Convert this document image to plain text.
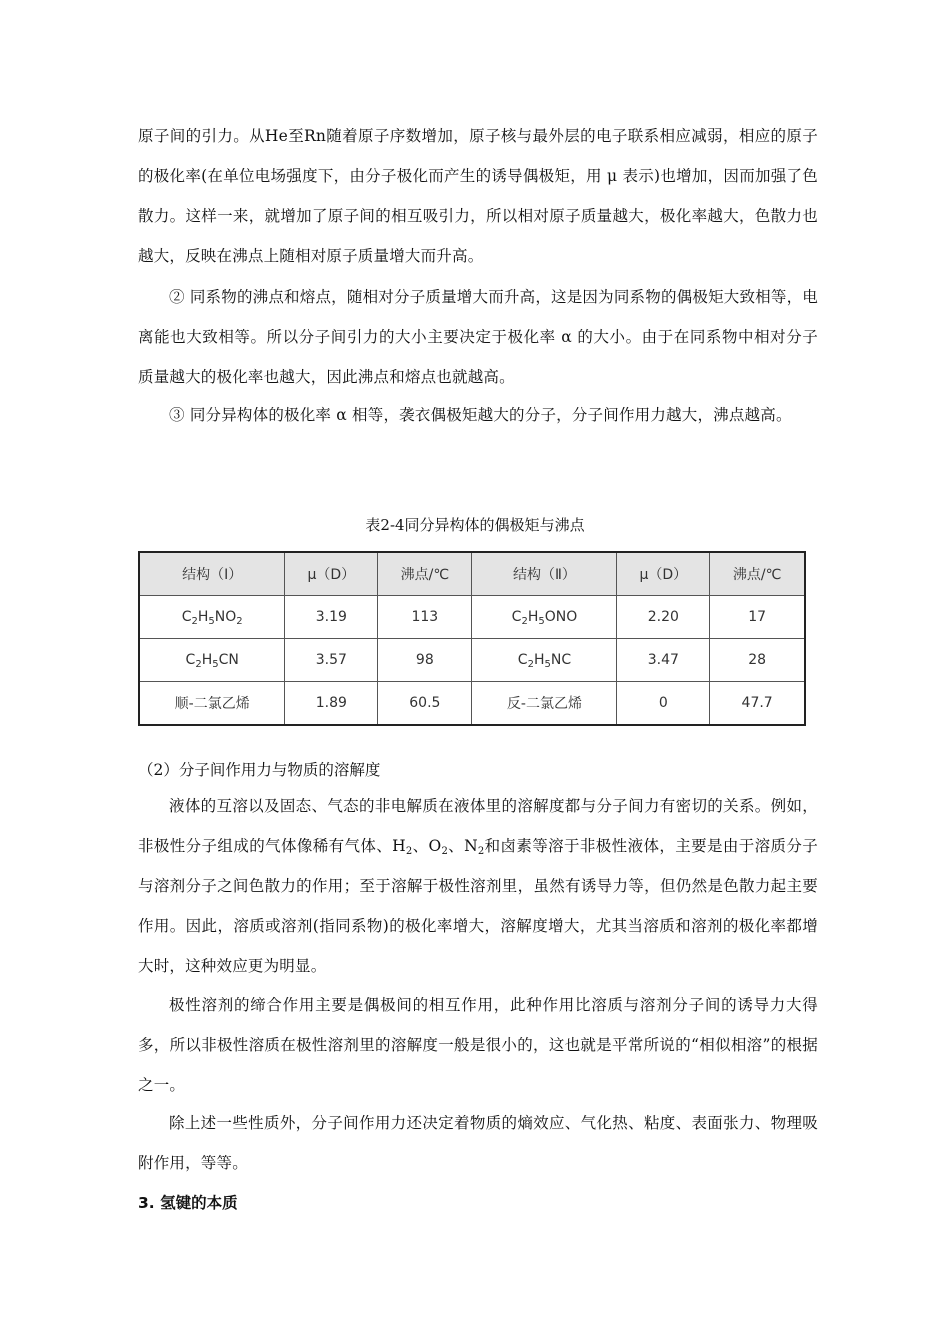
原子间的引力。从He至Rn随着原子序数增加，原子核与最外层的电子联系相应减弱，相应的原子的极化率(在单位电场强度下，由分子极化而产生的诱导偶极矩，用 μ 表示)也增加，因而加强了色散力。这样一来，就增加了原子间的相互吸引力，所以相对原子质量越大，极化率越大，色散力也越大，反映在沸点上随相对原子质量增大而升高。

② 同系物的沸点和熔点，随相对分子质量增大而升高，这是因为同系物的偶极矩大致相等，电离能也大致相等。所以分子间引力的大小主要决定于极化率 α 的大小。由于在同系物中相对分子质量越大的极化率也越大，因此沸点和熔点也就越高。

③ 同分异构体的极化率 α 相等，袭衣偶极矩越大的分子，分子间作用力越大，沸点越高。

表2-4同分异构体的偶极矩与沸点

结构（Ⅰ）	μ（D）	沸点/℃	结构（Ⅱ）	μ（D）	沸点/℃
$C_2H_5NO_2$	3.19	113	$C_2H_5ONO$	2.20	17
$C_2H_5CN$	3.57	98	$C_2H_5NC$	3.47	28
顺-二氯乙烯	1.89	60.5	反-二氯乙烯	0	47.7

（2）分子间作用力与物质的溶解度

液体的互溶以及固态、气态的非电解质在液体里的溶解度都与分子间力有密切的关系。例如，非极性分子组成的气体像稀有气体、$H_2$、$O_2$、$N_2$和卤素等溶于非极性液体，主要是由于溶质分子与溶剂分子之间色散力的作用；至于溶解于极性溶剂里，虽然有诱导力等，但仍然是色散力起主要作用。因此，溶质或溶剂(指同系物)的极化率增大，溶解度增大，尤其当溶质和溶剂的极化率都增大时，这种效应更为明显。

极性溶剂的缔合作用主要是偶极间的相互作用，此种作用比溶质与溶剂分子间的诱导力大得多，所以非极性溶质在极性溶剂里的溶解度一般是很小的，这也就是平常所说的“相似相溶”的根据之一。

除上述一些性质外，分子间作用力还决定着物质的熵效应、气化热、粘度、表面张力、物理吸附作用，等等。

3. 氢键的本质
